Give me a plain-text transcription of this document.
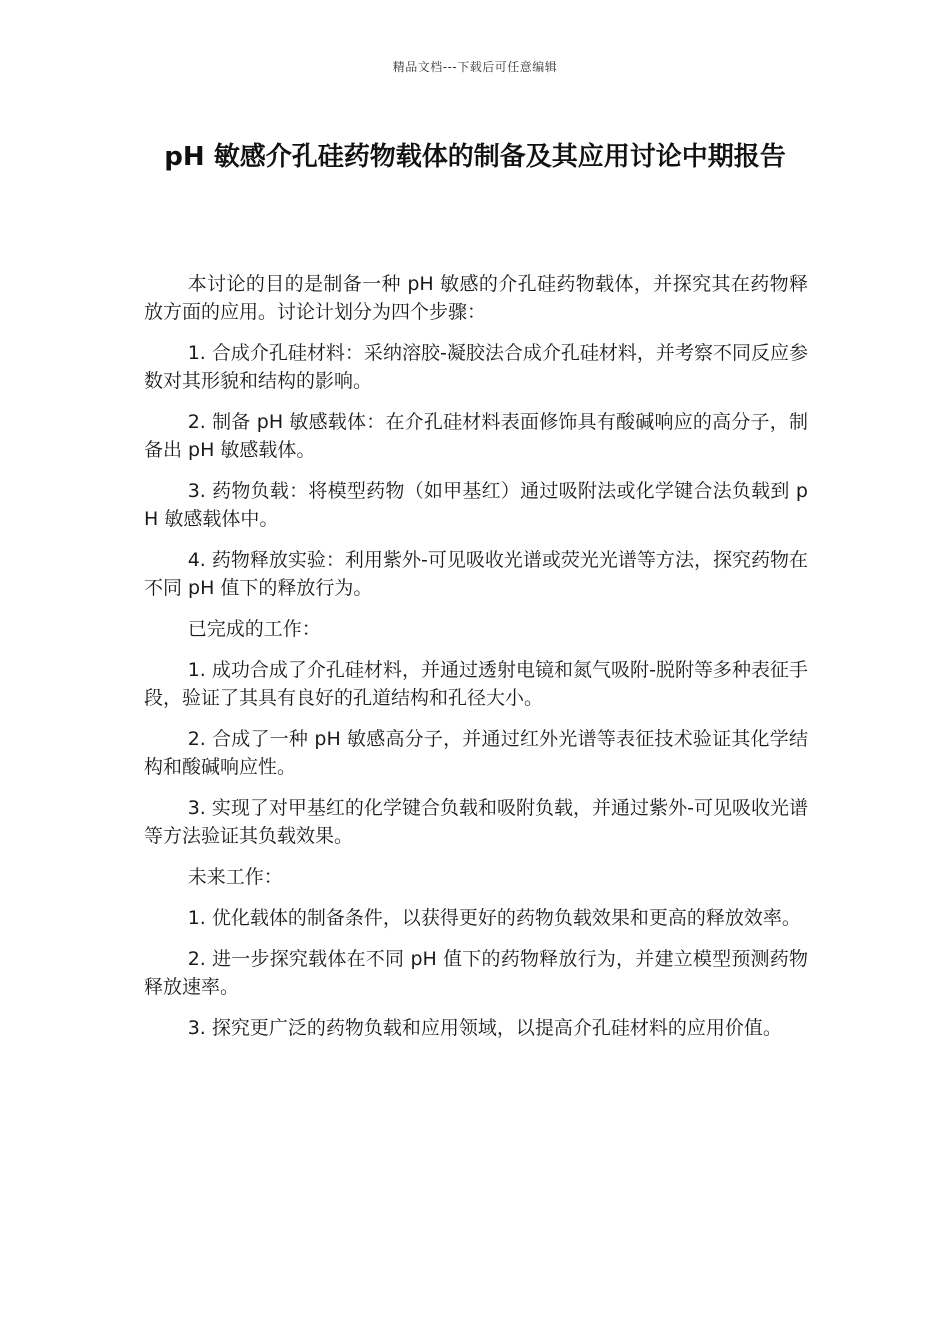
精品文档---下载后可任意编辑
pH 敏感介孔硅药物载体的制备及其应用讨论中期报告

本讨论的目的是制备一种 pH 敏感的介孔硅药物载体，并探究其在药物释放方面的应用。讨论计划分为四个步骤：

1. 合成介孔硅材料：采纳溶胶-凝胶法合成介孔硅材料，并考察不同反应参数对其形貌和结构的影响。

2. 制备 pH 敏感载体：在介孔硅材料表面修饰具有酸碱响应的高分子，制备出 pH 敏感载体。

3. 药物负载：将模型药物（如甲基红）通过吸附法或化学键合法负载到 pH 敏感载体中。

4. 药物释放实验：利用紫外-可见吸收光谱或荧光光谱等方法，探究药物在不同 pH 值下的释放行为。

已完成的工作：

1. 成功合成了介孔硅材料，并通过透射电镜和氮气吸附-脱附等多种表征手段，验证了其具有良好的孔道结构和孔径大小。

2. 合成了一种 pH 敏感高分子，并通过红外光谱等表征技术验证其化学结构和酸碱响应性。

3. 实现了对甲基红的化学键合负载和吸附负载，并通过紫外-可见吸收光谱等方法验证其负载效果。

未来工作：

1. 优化载体的制备条件，以获得更好的药物负载效果和更高的释放效率。

2. 进一步探究载体在不同 pH 值下的药物释放行为，并建立模型预测药物释放速率。

3. 探究更广泛的药物负载和应用领域，以提高介孔硅材料的应用价值。
